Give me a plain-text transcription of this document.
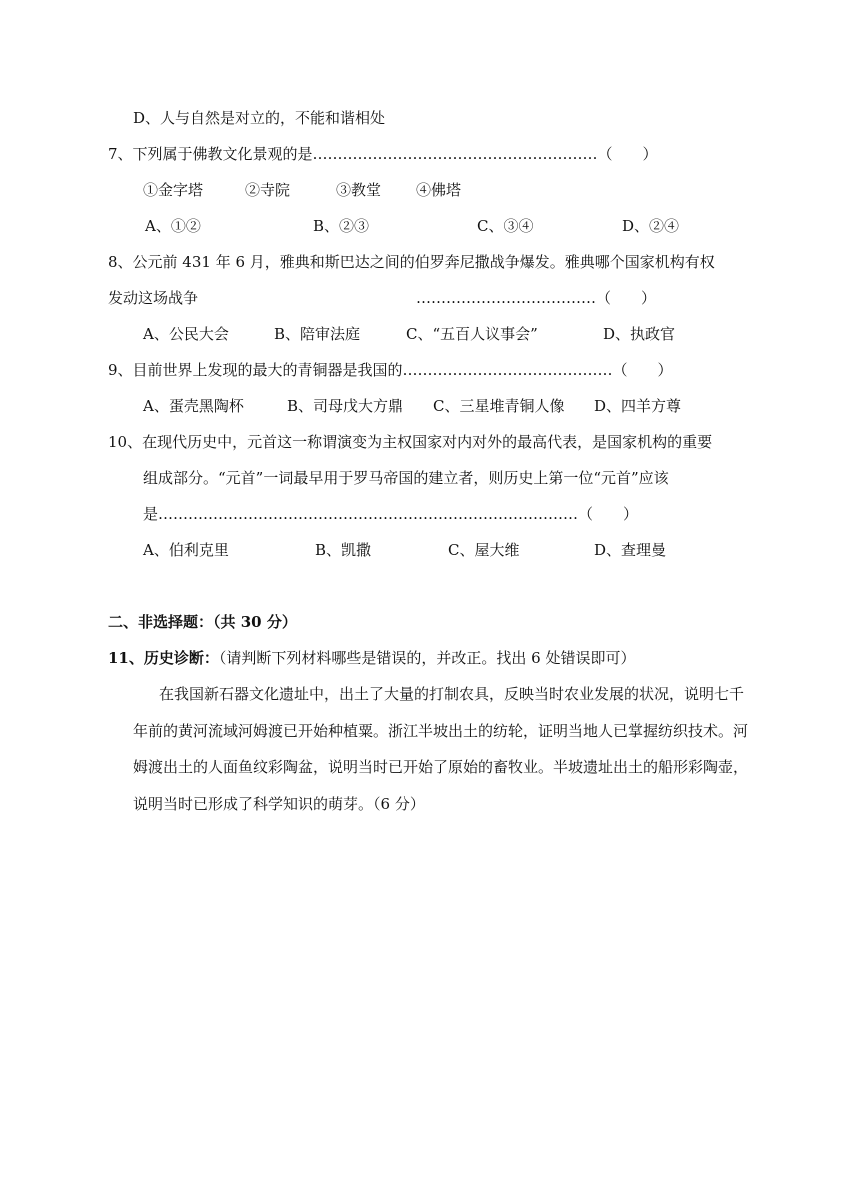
D、人与自然是对立的，不能和谐相处
7、下列属于佛教文化景观的是…………………………………………………（　　）
①金字塔	②寺院	③教堂 ④佛塔
A、①②	B、②③	C、③④	D、②④
8、公元前 431 年 6 月，雅典和斯巴达之间的伯罗奔尼撒战争爆发。雅典哪个国家机构有权
发动这场战争	………………………………（　　）
A、公民大会	B、陪审法庭	C、“五百人议事会”	D、执政官
9、目前世界上发现的最大的青铜器是我国的……………………………………（　　）
A、蛋壳黑陶杯	B、司母戊大方鼎 C、三星堆青铜人像 D、四羊方尊
10、在现代历史中，元首这一称谓演变为主权国家对内对外的最高代表，是国家机构的重要
组成部分。“元首”一词最早用于罗马帝国的建立者，则历史上第一位“元首”应该
是…………………………………………………………………………（　　）
A、伯利克里	B、凯撒	C、屋大维	D、查理曼
二、非选择题：（共 30 分）
11、历史诊断：（请判断下列材料哪些是错误的，并改正。找出 6 处错误即可）
在我国新石器文化遗址中，出土了大量的打制农具，反映当时农业发展的状况，说明七千年前的黄河流域河姆渡已开始种植粟。浙江半坡出土的纺轮，证明当地人已掌握纺织技术。河姆渡出土的人面鱼纹彩陶盆，说明当时已开始了原始的畜牧业。半坡遗址出土的船形彩陶壶，说明当时已形成了科学知识的萌芽。（6 分）
